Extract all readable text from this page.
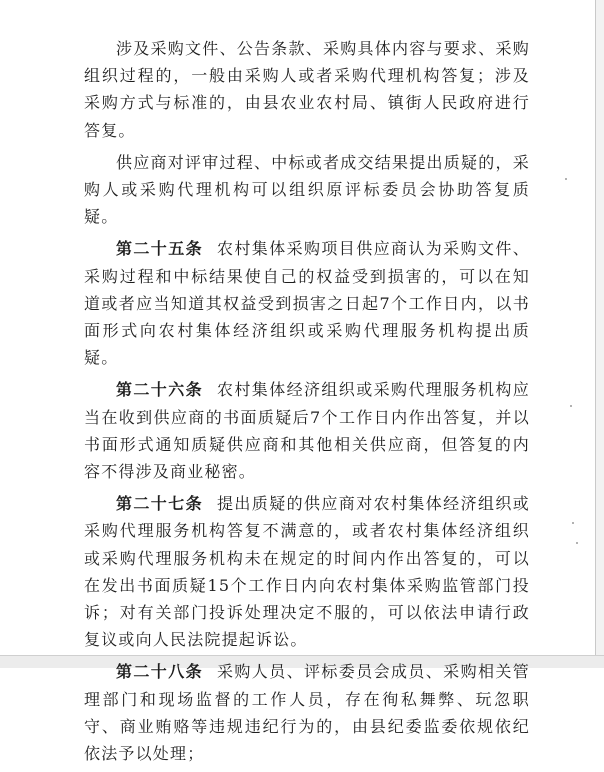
涉及采购文件、公告条款、采购具体内容与要求、采购组织过程的，一般由采购人或者采购代理机构答复；涉及采购方式与标准的，由县农业农村局、镇街人民政府进行答复。

供应商对评审过程、中标或者成交结果提出质疑的，采购人或采购代理机构可以组织原评标委员会协助答复质疑。

第二十五条 农村集体采购项目供应商认为采购文件、采购过程和中标结果使自己的权益受到损害的，可以在知道或者应当知道其权益受到损害之日起7个工作日内，以书面形式向农村集体经济组织或采购代理服务机构提出质疑。

第二十六条 农村集体经济组织或采购代理服务机构应当在收到供应商的书面质疑后7个工作日内作出答复，并以书面形式通知质疑供应商和其他相关供应商，但答复的内容不得涉及商业秘密。

第二十七条 提出质疑的供应商对农村集体经济组织或采购代理服务机构答复不满意的，或者农村集体经济组织或采购代理服务机构未在规定的时间内作出答复的，可以在发出书面质疑15个工作日内向农村集体采购监管部门投诉；对有关部门投诉处理决定不服的，可以依法申请行政复议或向人民法院提起诉讼。

第二十八条 采购人员、评标委员会成员、采购相关管理部门和现场监督的工作人员，存在徇私舞弊、玩忽职守、商业贿赂等违规违纪行为的，由县纪委监委依规依纪依法予以处理；
